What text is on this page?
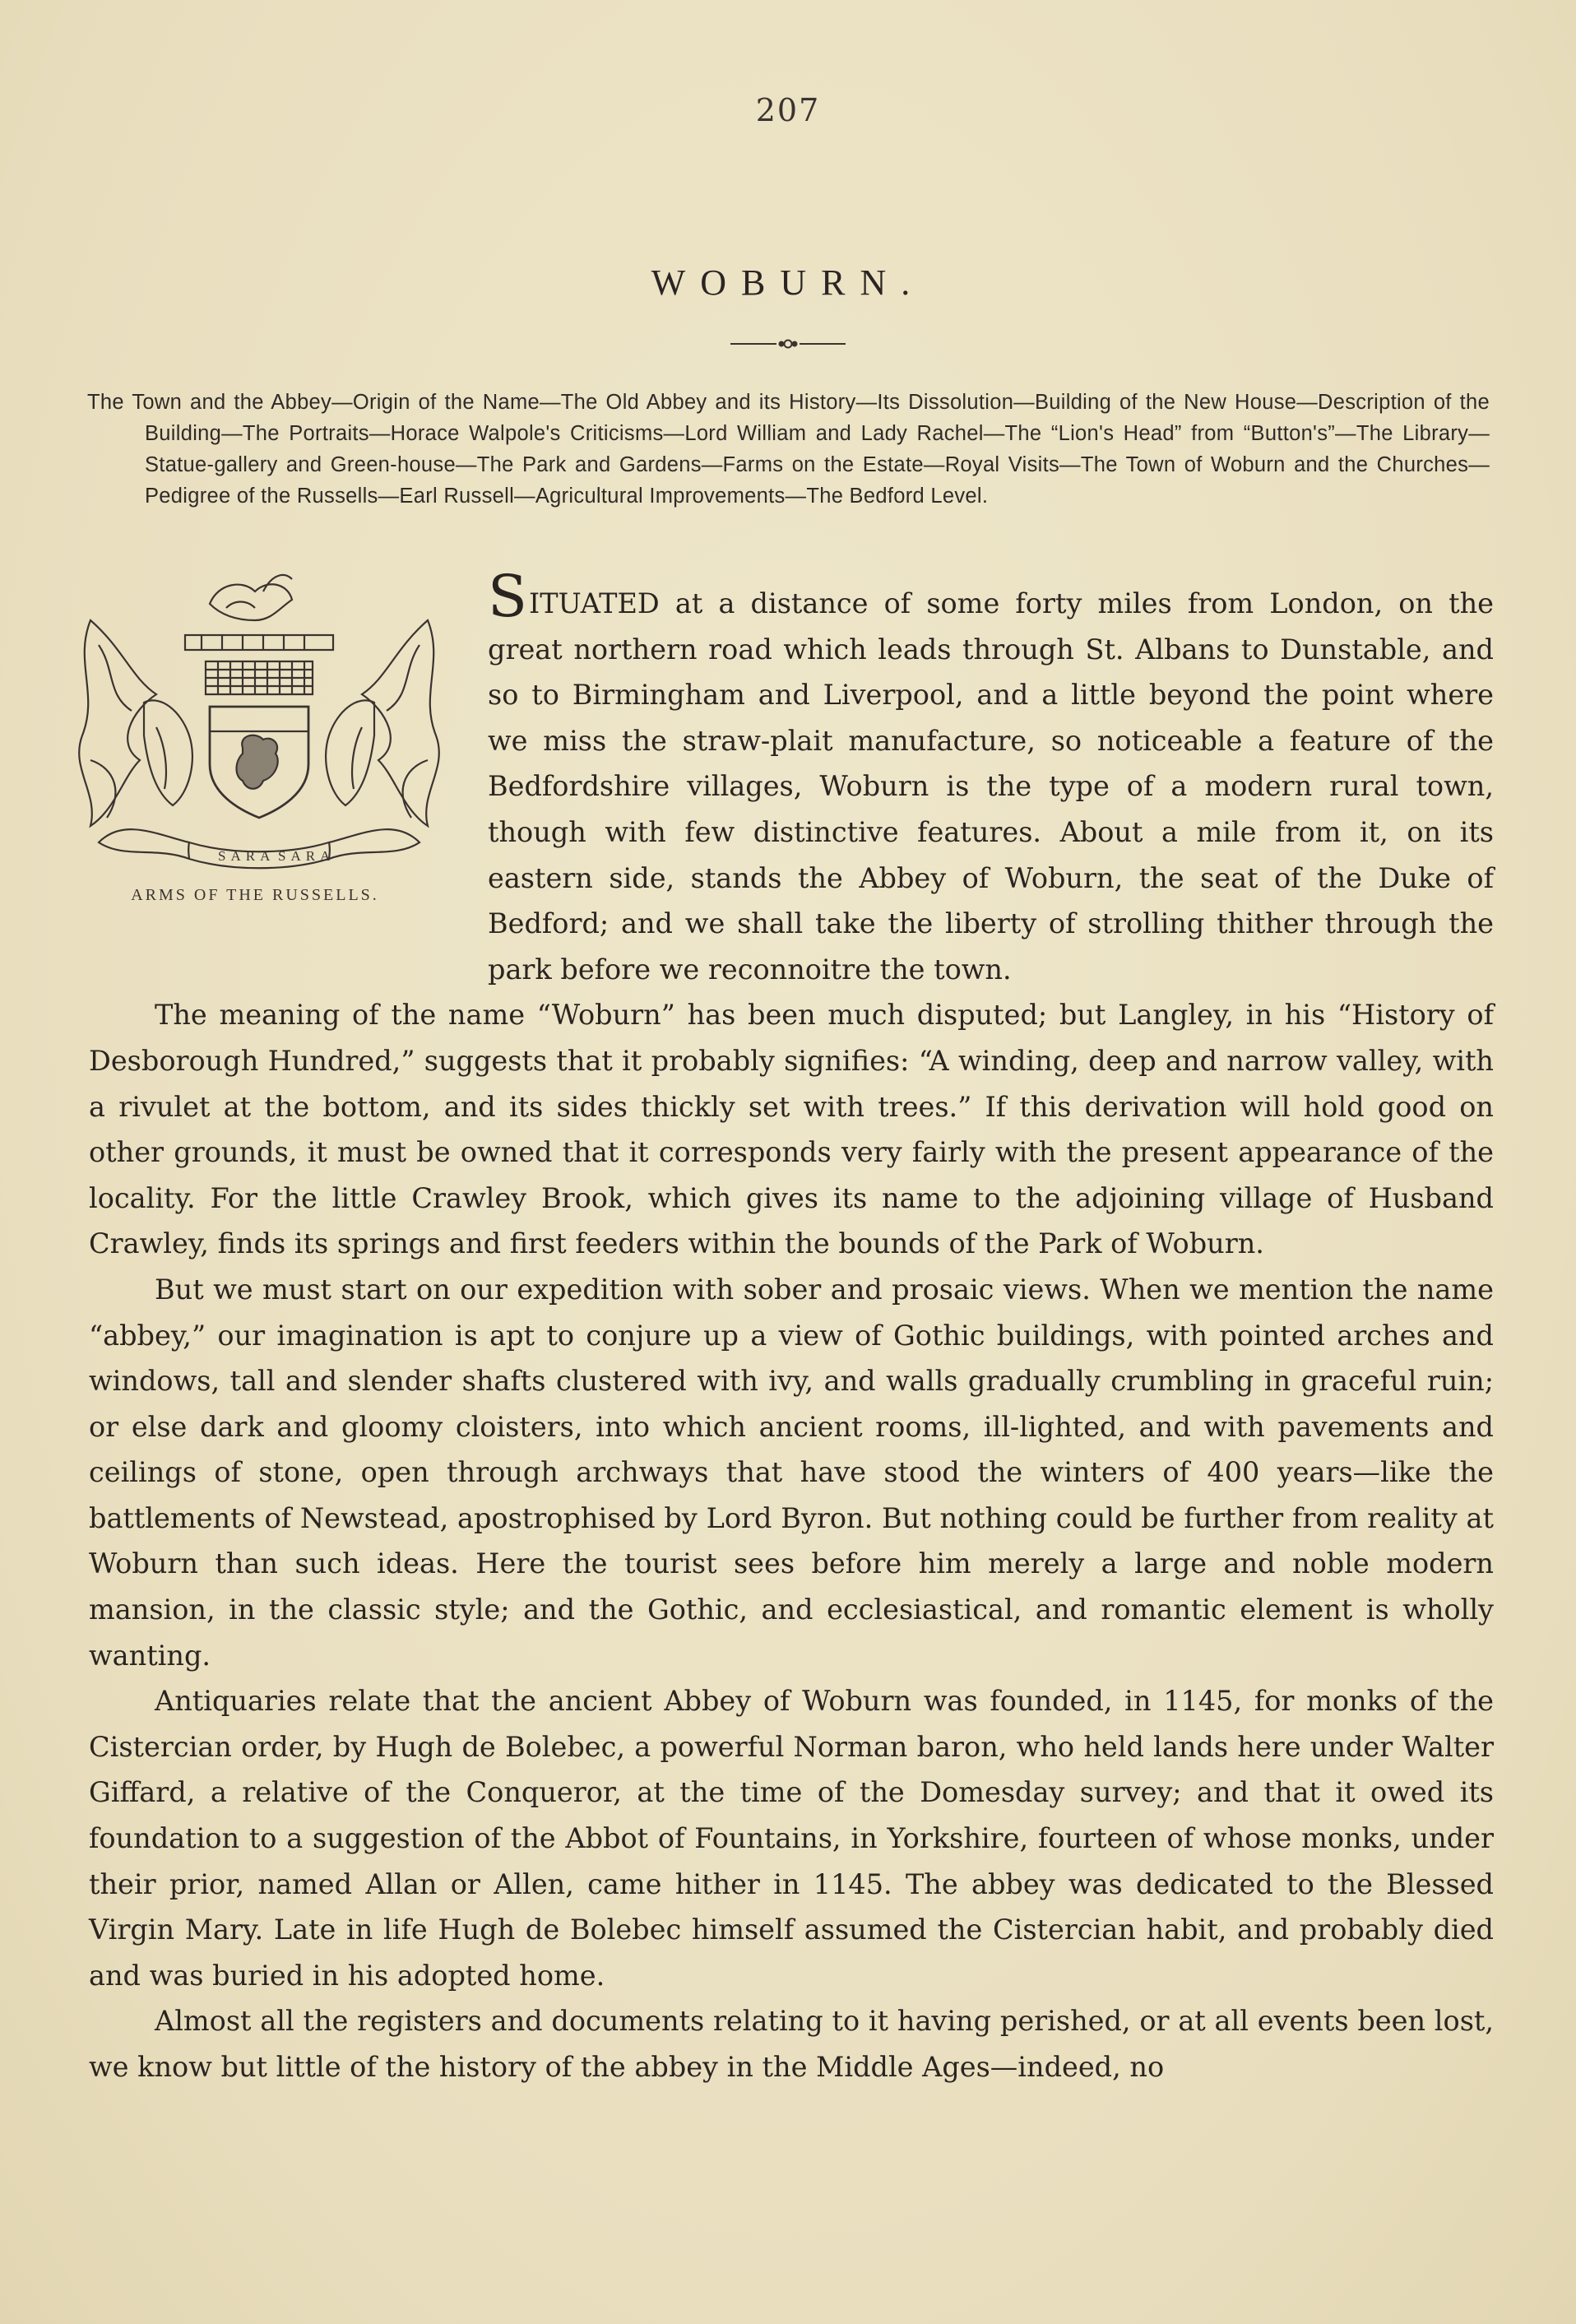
207
WOBURN.
The Town and the Abbey—Origin of the Name—The Old Abbey and its History—Its Dissolution—Building of the New House—Description of the Building—The Portraits—Horace Walpole's Criticisms—Lord William and Lady Rachel—The “Lion's Head” from “Button's”—The Library—Statue-gallery and Green-house—The Park and Gardens—Farms on the Estate—Royal Visits—The Town of Woburn and the Churches—Pedigree of the Russells—Earl Russell—Agricultural Improvements—The Bedford Level.
SARA SARA
ARMS OF THE RUSSELLS.

SITUATED at a distance of some forty miles from London, on the great northern road which leads through St. Albans to Dunstable, and so to Birmingham and Liverpool, and a little beyond the point where we miss the straw-plait manufacture, so noticeable a feature of the Bedfordshire villages, Woburn is the type of a modern rural town, though with few distinctive features. About a mile from it, on its eastern side, stands the Abbey of Woburn, the seat of the Duke of Bedford; and we shall take the liberty of strolling thither through the park before we reconnoitre the town.

The meaning of the name “Woburn” has been much disputed; but Langley, in his “History of Desborough Hundred,” suggests that it probably signifies: “A winding, deep and narrow valley, with a rivulet at the bottom, and its sides thickly set with trees.” If this derivation will hold good on other grounds, it must be owned that it corresponds very fairly with the present appearance of the locality. For the little Crawley Brook, which gives its name to the adjoining village of Husband Crawley, finds its springs and first feeders within the bounds of the Park of Woburn.

But we must start on our expedition with sober and prosaic views. When we mention the name “abbey,” our imagination is apt to conjure up a view of Gothic buildings, with pointed arches and windows, tall and slender shafts clustered with ivy, and walls gradually crumbling in graceful ruin; or else dark and gloomy cloisters, into which ancient rooms, ill-lighted, and with pavements and ceilings of stone, open through archways that have stood the winters of 400 years—like the battlements of Newstead, apostrophised by Lord Byron. But nothing could be further from reality at Woburn than such ideas. Here the tourist sees before him merely a large and noble modern mansion, in the classic style; and the Gothic, and ecclesiastical, and romantic element is wholly wanting.

Antiquaries relate that the ancient Abbey of Woburn was founded, in 1145, for monks of the Cistercian order, by Hugh de Bolebec, a powerful Norman baron, who held lands here under Walter Giffard, a relative of the Conqueror, at the time of the Domesday survey; and that it owed its foundation to a suggestion of the Abbot of Fountains, in Yorkshire, fourteen of whose monks, under their prior, named Allan or Allen, came hither in 1145. The abbey was dedicated to the Blessed Virgin Mary. Late in life Hugh de Bolebec himself assumed the Cistercian habit, and probably died and was buried in his adopted home.

Almost all the registers and documents relating to it having perished, or at all events been lost, we know but little of the history of the abbey in the Middle Ages—indeed, no
